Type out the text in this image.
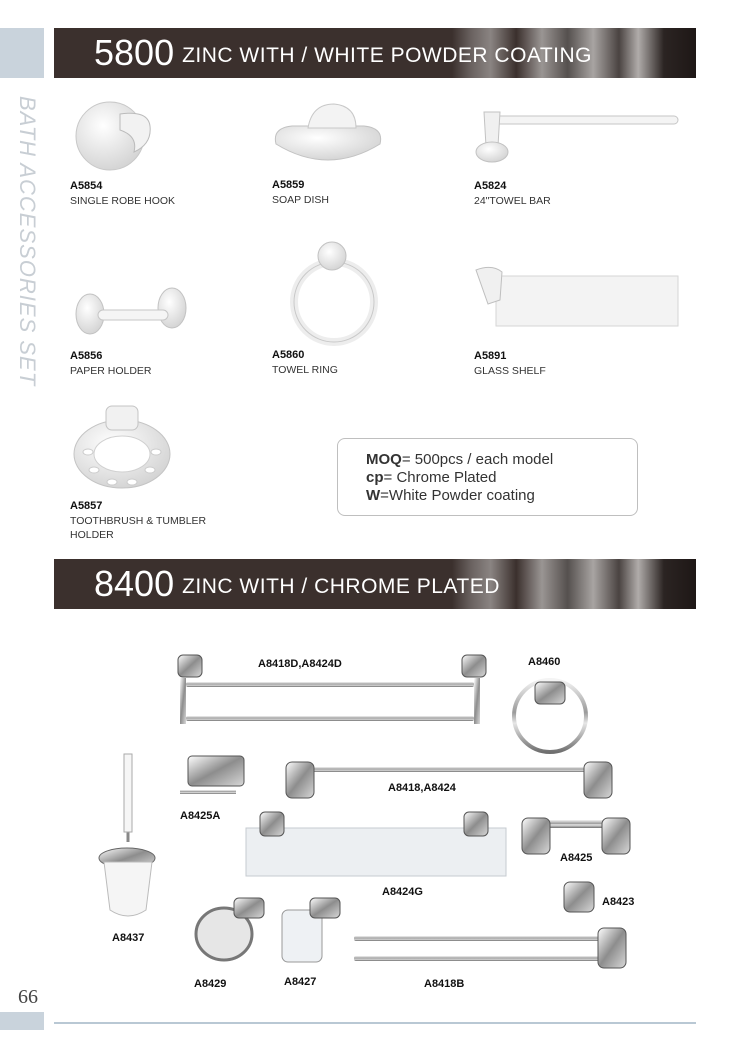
BATH ACCESSORIES SET
5800 ZINC WITH / WHITE POWDER COATING
A5854
SINGLE ROBE HOOK
A5859
SOAP DISH
A5824
24"TOWEL BAR
A5856
PAPER HOLDER
A5860
TOWEL RING
A5891
GLASS SHELF
A5857
TOOTHBRUSH & TUMBLER HOLDER
MOQ= 500pcs / each model
cp= Chrome Plated
W=White Powder coating
8400 ZINC WITH / CHROME PLATED
A8418D,A8424D	A8460
A8418,A8424
A8425A
A8425
A8424G
A8423
A8437
A8429	A8427	A8418B
66
